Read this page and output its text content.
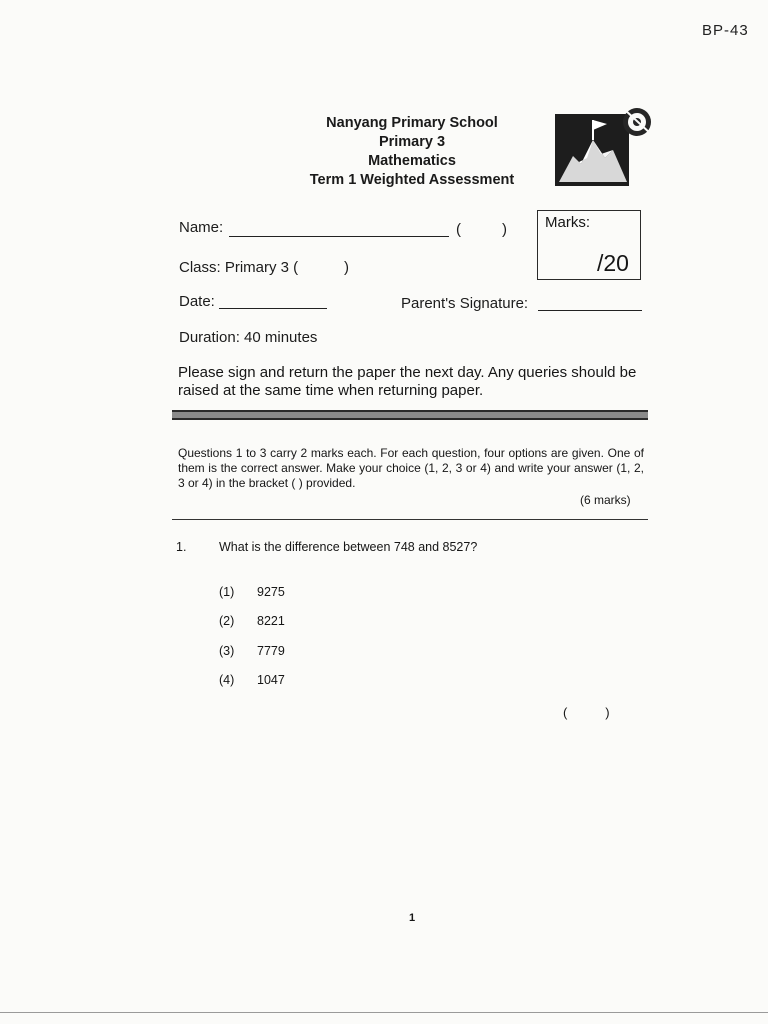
BP-43
Nanyang Primary School
Primary 3
Mathematics
Term 1 Weighted Assessment
Marks:
/20
Name:	(	)
Class: Primary 3 (	)
Date:	Parent's Signature:
Duration: 40 minutes
Please sign and return the paper the next day. Any queries should be raised at the same time when returning paper.
Questions 1 to 3 carry 2 marks each. For each question, four options are given. One of them is the correct answer. Make your choice (1, 2, 3 or 4) and write your answer (1, 2, 3 or 4) in the bracket ( ) provided.
(6 marks)
1.	What is the difference between 748 and 8527?
(1) 9275
(2) 8221
(3) 7779
(4) 1047
(        )
1
